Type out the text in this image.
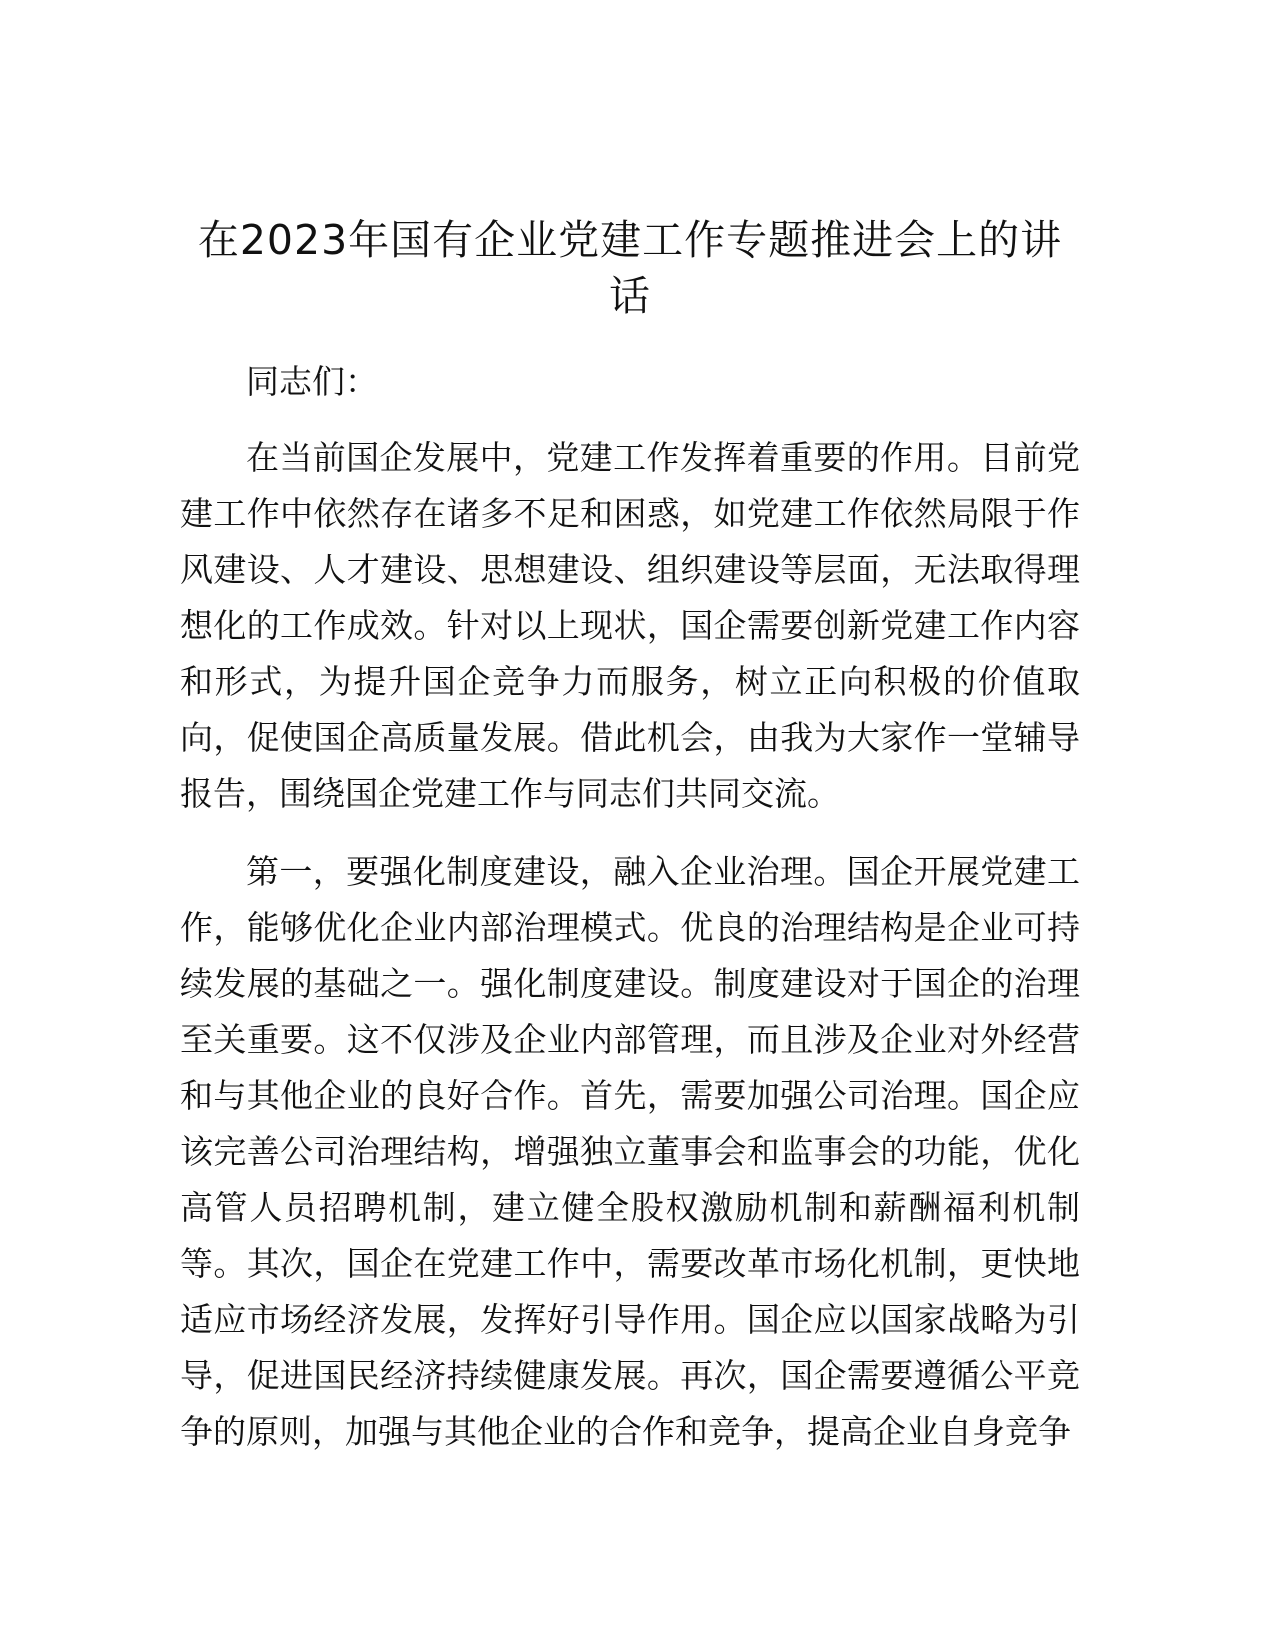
在2023年国有企业党建工作专题推进会上的讲话

同志们：

在当前国企发展中，党建工作发挥着重要的作用。目前党建工作中依然存在诸多不足和困惑，如党建工作依然局限于作风建设、人才建设、思想建设、组织建设等层面，无法取得理想化的工作成效。针对以上现状，国企需要创新党建工作内容和形式，为提升国企竞争力而服务，树立正向积极的价值取向，促使国企高质量发展。借此机会，由我为大家作一堂辅导报告，围绕国企党建工作与同志们共同交流。

第一，要强化制度建设，融入企业治理。国企开展党建工作，能够优化企业内部治理模式。优良的治理结构是企业可持续发展的基础之一。强化制度建设。制度建设对于国企的治理至关重要。这不仅涉及企业内部管理，而且涉及企业对外经营和与其他企业的良好合作。首先，需要加强公司治理。国企应该完善公司治理结构，增强独立董事会和监事会的功能，优化高管人员招聘机制，建立健全股权激励机制和薪酬福利机制等。其次，国企在党建工作中，需要改革市场化机制，更快地适应市场经济发展，发挥好引导作用。国企应以国家战略为引导，促进国民经济持续健康发展。再次，国企需要遵循公平竞争的原则，加强与其他企业的合作和竞争，提高企业自身竞争
